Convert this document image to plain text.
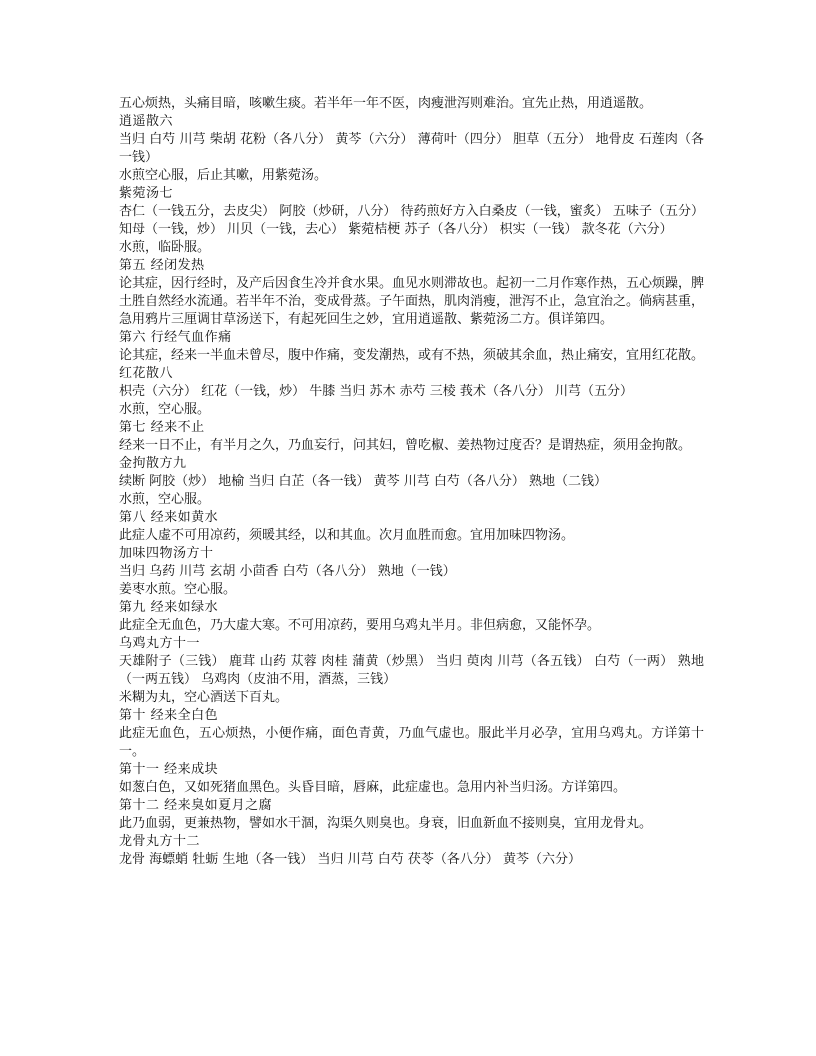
五心烦热，头痛目暗，咳嗽生痰。若半年一年不医，肉瘦泄泻则难治。宜先止热，用逍遥散。

逍遥散六

当归 白芍 川芎 柴胡 花粉（各八分） 黄芩（六分） 薄荷叶（四分） 胆草（五分） 地骨皮 石莲肉（各一钱）

水煎空心服，后止其嗽，用紫菀汤。

紫菀汤七

杏仁（一钱五分，去皮尖） 阿胶（炒研，八分） 待药煎好方入白桑皮（一钱，蜜炙） 五味子（五分） 知母（一钱，炒） 川贝（一钱，去心） 紫菀桔梗 苏子（各八分） 枳实（一钱） 款冬花（六分）

水煎，临卧服。

第五 经闭发热

论其症，因行经时，及产后因食生冷并食水果。血见水则滞故也。起初一二月作寒作热，五心烦躁，脾土胜自然经水流通。若半年不治，变成骨蒸。子午面热，肌肉消瘦，泄泻不止，急宜治之。倘病甚重，急用鸦片三厘调甘草汤送下，有起死回生之妙，宜用逍遥散、紫菀汤二方。俱详第四。

第六 行经气血作痛

论其症，经来一半血未曾尽，腹中作痛，变发潮热，或有不热，须破其余血，热止痛安，宜用红花散。

红花散八

枳壳（六分） 红花（一钱，炒） 牛膝 当归 苏木 赤芍 三棱 莪术（各八分） 川芎（五分）

水煎，空心服。

第七 经来不止

经来一日不止，有半月之久，乃血妄行，问其妇，曾吃椒、姜热物过度否？是谓热症，须用金拘散。

金拘散方九

续断 阿胶（炒） 地榆 当归 白芷（各一钱） 黄芩 川芎 白芍（各八分） 熟地（二钱）

水煎，空心服。

第八 经来如黄水

此症人虚不可用凉药，须暖其经，以和其血。次月血胜而愈。宜用加味四物汤。

加味四物汤方十

当归 乌药 川芎 玄胡 小茴香 白芍（各八分） 熟地（一钱）

姜枣水煎。空心服。

第九 经来如绿水

此症全无血色，乃大虚大寒。不可用凉药，要用乌鸡丸半月。非但病愈，又能怀孕。

乌鸡丸方十一

天雄附子（三钱） 鹿茸 山药 苁蓉 肉桂 蒲黄（炒黑） 当归 萸肉 川芎（各五钱） 白芍（一两） 熟地（一两五钱） 乌鸡肉（皮油不用，酒蒸，三钱）

米糊为丸，空心酒送下百丸。

第十 经来全白色

此症无血色，五心烦热，小便作痛，面色青黄，乃血气虚也。服此半月必孕，宜用乌鸡丸。方详第十一。

第十一 经来成块

如葱白色，又如死猪血黑色。头昏目暗，唇麻，此症虚也。急用内补当归汤。方详第四。

第十二 经来臭如夏月之腐

此乃血弱，更兼热物，譬如水干涸，沟渠久则臭也。身衰，旧血新血不接则臭，宜用龙骨丸。

龙骨丸方十二

龙骨 海螵蛸 牡蛎 生地（各一钱） 当归 川芎 白芍 茯苓（各八分） 黄芩（六分）
